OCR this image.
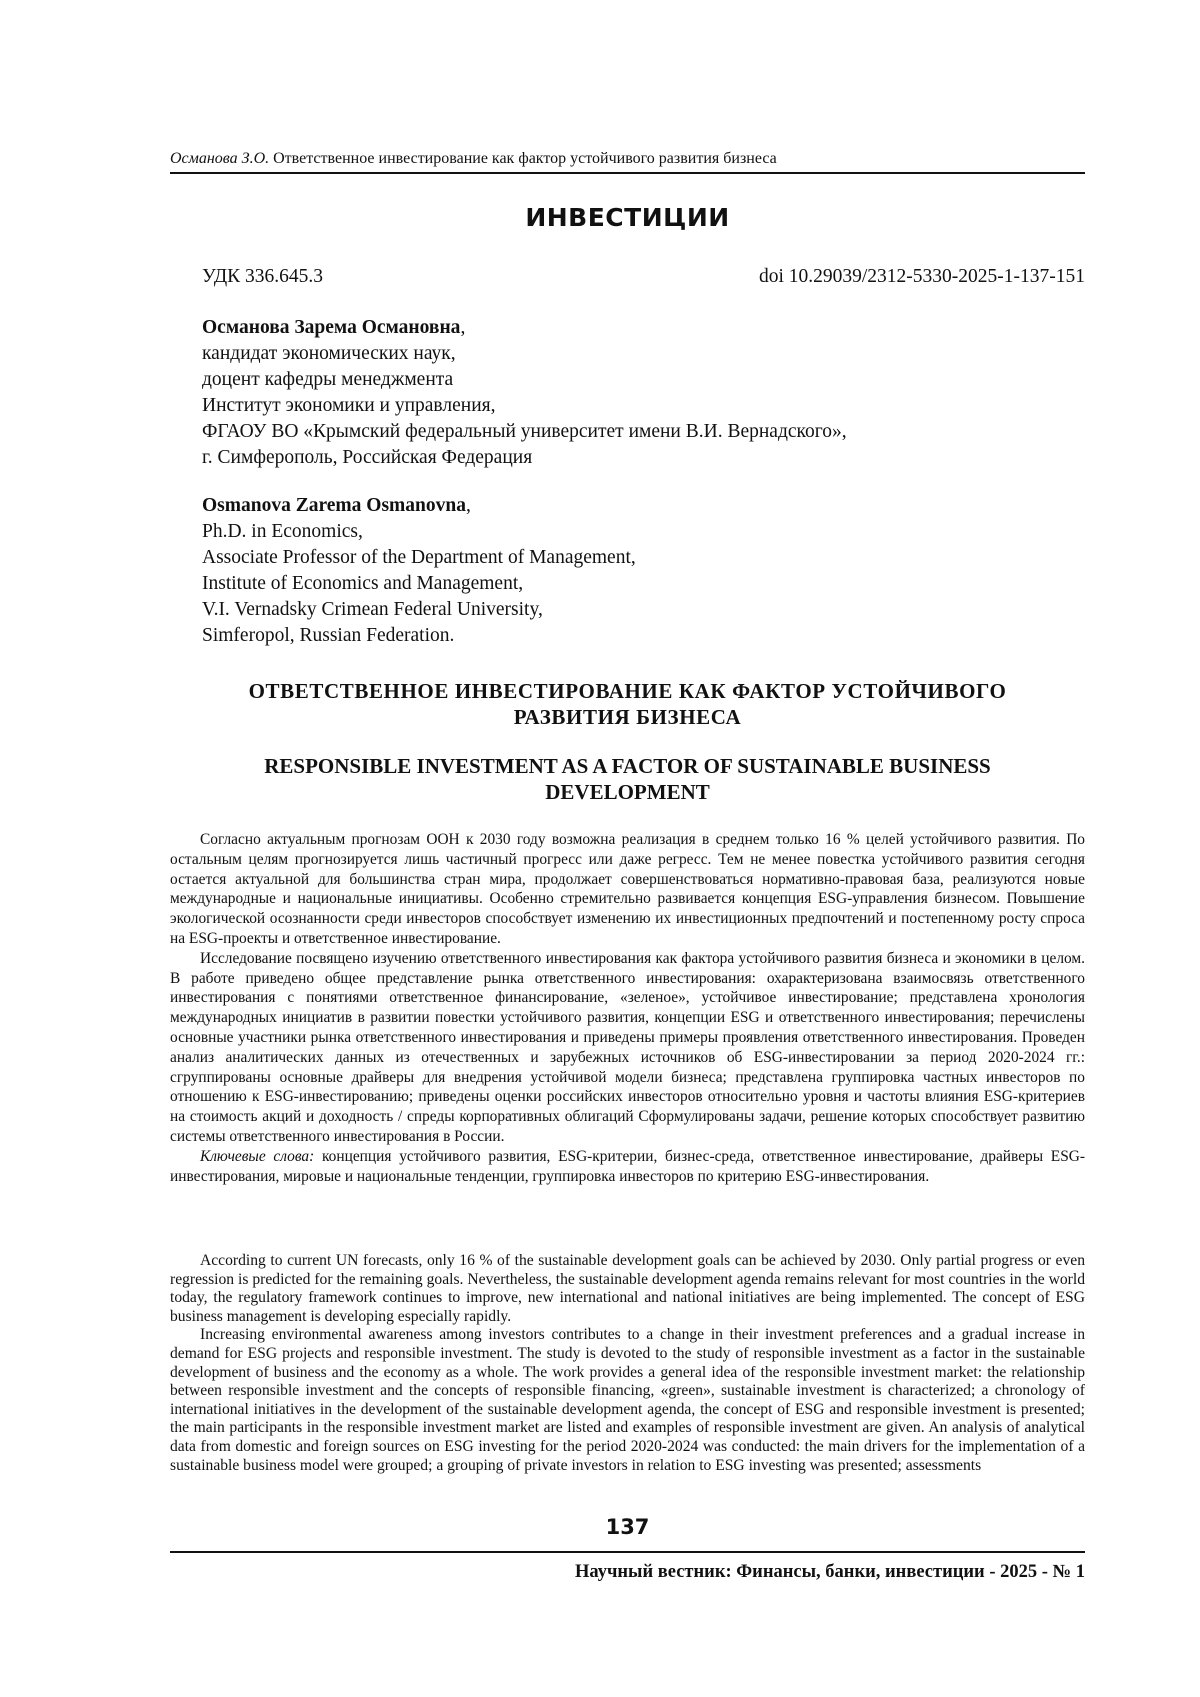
Османова З.О. Ответственное инвестирование как фактор устойчивого развития бизнеса
ИНВЕСТИЦИИ
УДК 336.645.3	doi 10.29039/2312-5330-2025-1-137-151
Османова Зарема Османовна,
кандидат экономических наук,
доцент кафедры менеджмента
Институт экономики и управления,
ФГАОУ ВО «Крымский федеральный университет имени В.И. Вернадского»,
г. Симферополь, Российская Федерация
Osmanova Zarema Osmanovna,
Ph.D. in Economics,
Associate Professor of the Department of Management,
Institute of Economics and Management,
V.I. Vernadsky Crimean Federal University,
Simferopol, Russian Federation.
ОТВЕТСТВЕННОЕ ИНВЕСТИРОВАНИЕ КАК ФАКТОР УСТОЙЧИВОГО
РАЗВИТИЯ БИЗНЕСА
RESPONSIBLE INVESTMENT AS A FACTOR OF SUSTAINABLE BUSINESS
DEVELOPMENT

Согласно актуальным прогнозам ООН к 2030 году возможна реализация в среднем только 16 % целей устойчивого развития. По остальным целям прогнозируется лишь частичный прогресс или даже регресс. Тем не менее повестка устойчивого развития сегодня остается актуальной для большинства стран мира, продолжает совершенствоваться нормативно-правовая база, реализуются новые международные и национальные инициативы. Особенно стремительно развивается концепция ESG-управления бизнесом. Повышение экологической осознанности среди инвесторов способствует изменению их инвестиционных предпочтений и постепенному росту спроса на ESG-проекты и ответственное инвестирование.

Исследование посвящено изучению ответственного инвестирования как фактора устойчивого развития бизнеса и экономики в целом. В работе приведено общее представление рынка ответственного инвестирования: охарактеризована взаимосвязь ответственного инвестирования с понятиями ответственное финансирование, «зеленое», устойчивое инвестирование; представлена хронология международных инициатив в развитии повестки устойчивого развития, концепции ESG и ответственного инвестирования; перечислены основные участники рынка ответственного инвестирования и приведены примеры проявления ответственного инвестирования. Проведен анализ аналитических данных из отечественных и зарубежных источников об ESG-инвестировании за период 2020-2024 гг.: сгруппированы основные драйверы для внедрения устойчивой модели бизнеса; представлена группировка частных инвесторов по отношению к ESG-инвестированию; приведены оценки российских инвесторов относительно уровня и частоты влияния ESG-критериев на стоимость акций и доходность / спреды корпоративных облигаций Сформулированы задачи, решение которых способствует развитию системы ответственного инвестирования в России.

Ключевые слова: концепция устойчивого развития, ESG-критерии, бизнес-среда, ответственное инвестирование, драйверы ESG-инвестирования, мировые и национальные тенденции, группировка инвесторов по критерию ESG-инвестирования.

According to current UN forecasts, only 16 % of the sustainable development goals can be achieved by 2030. Only partial progress or even regression is predicted for the remaining goals. Nevertheless, the sustainable development agenda remains relevant for most countries in the world today, the regulatory framework continues to improve, new international and national initiatives are being implemented. The concept of ESG business management is developing especially rapidly.

Increasing environmental awareness among investors contributes to a change in their investment preferences and a gradual increase in demand for ESG projects and responsible investment. The study is devoted to the study of responsible investment as a factor in the sustainable development of business and the economy as a whole. The work provides a general idea of the responsible investment market: the relationship between responsible investment and the concepts of responsible financing, «green», sustainable investment is characterized; a chronology of international initiatives in the development of the sustainable development agenda, the concept of ESG and responsible investment is presented; the main participants in the responsible investment market are listed and examples of responsible investment are given. An analysis of analytical data from domestic and foreign sources on ESG investing for the period 2020-2024 was conducted: the main drivers for the implementation of a sustainable business model were grouped; a grouping of private investors in relation to ESG investing was presented; assessments

137
Научный вестник: Финансы, банки, инвестиции - 2025 - № 1
